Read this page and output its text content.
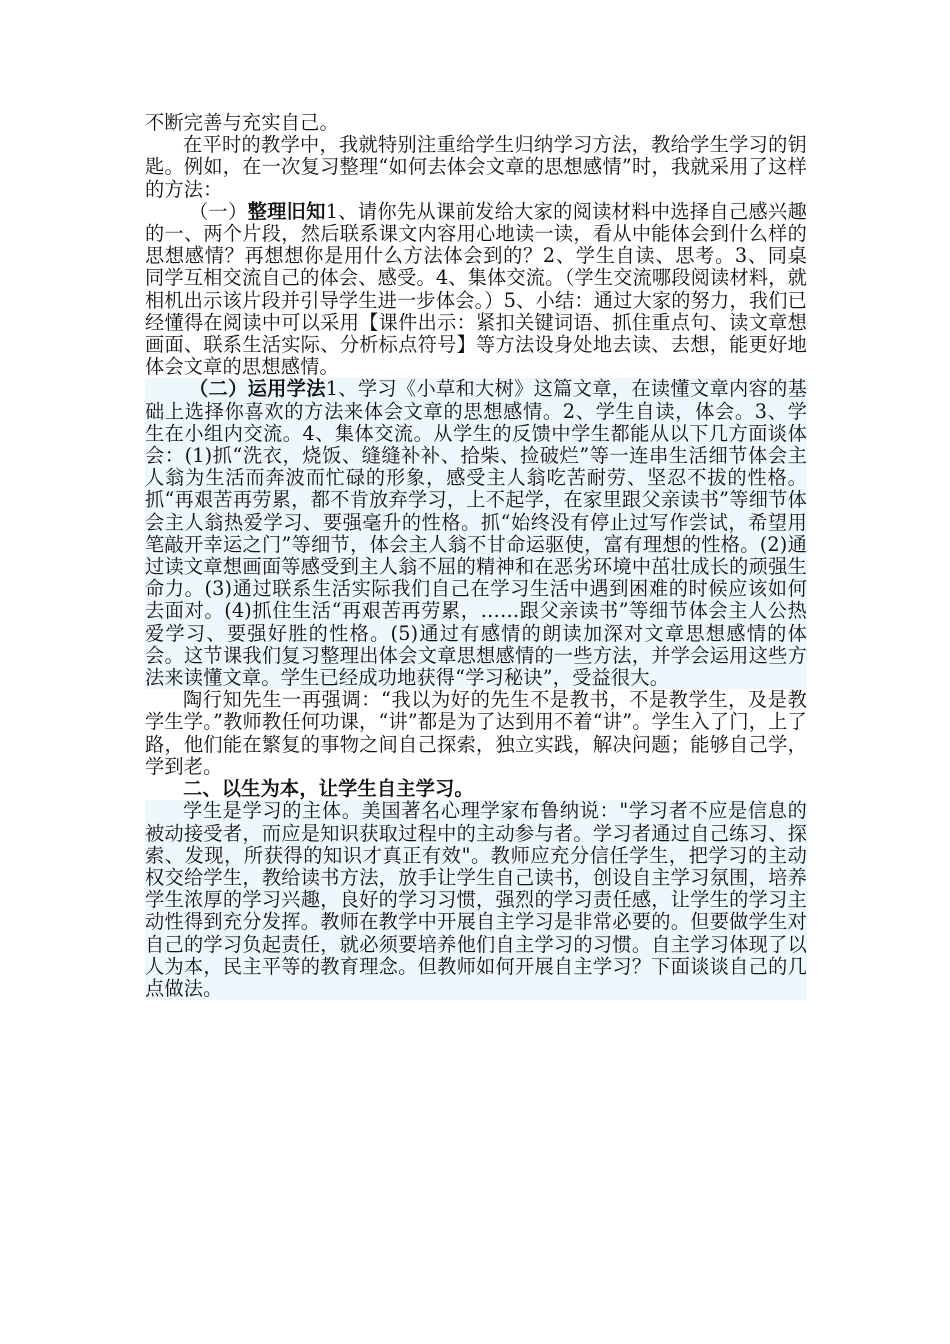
不断完善与充实自己。

在平时的教学中，我就特别注重给学生归纳学习方法，教给学生学习的钥匙。例如，在一次复习整理“如何去体会文章的思想感情”时，我就采用了这样的方法：

（一）整理旧知1、请你先从课前发给大家的阅读材料中选择自己感兴趣的一、两个片段，然后联系课文内容用心地读一读，看从中能体会到什么样的思想感情？再想想你是用什么方法体会到的？2、学生自读、思考。3、同桌同学互相交流自己的体会、感受。4、集体交流。（学生交流哪段阅读材料，就相机出示该片段并引导学生进一步体会。）5、小结：通过大家的努力，我们已经懂得在阅读中可以采用【课件出示：紧扣关键词语、抓住重点句、读文章想画面、联系生活实际、分析标点符号】等方法设身处地去读、去想，能更好地体会文章的思想感情。

（二）运用学法1、学习《小草和大树》这篇文章，在读懂文章内容的基础上选择你喜欢的方法来体会文章的思想感情。2、学生自读，体会。3、学生在小组内交流。4、集体交流。从学生的反馈中学生都能从以下几方面谈体会：(1)抓“洗衣，烧饭、缝缝补补、拾柴、捡破烂”等一连串生活细节体会主人翁为生活而奔波而忙碌的形象，感受主人翁吃苦耐劳、坚忍不拔的性格。抓“再艰苦再劳累，都不肯放弃学习，上不起学，在家里跟父亲读书”等细节体会主人翁热爱学习、要强毫升的性格。抓“始终没有停止过写作尝试，希望用笔敲开幸运之门”等细节，体会主人翁不甘命运驱使，富有理想的性格。(2)通过读文章想画面等感受到主人翁不屈的精神和在恶劣环境中茁壮成长的顽强生命力。(3)通过联系生活实际我们自己在学习生活中遇到困难的时候应该如何去面对。(4)抓住生活“再艰苦再劳累，……跟父亲读书”等细节体会主人公热爱学习、要强好胜的性格。(5)通过有感情的朗读加深对文章思想感情的体会。这节课我们复习整理出体会文章思想感情的一些方法，并学会运用这些方法来读懂文章。学生已经成功地获得“学习秘诀”，受益很大。

陶行知先生一再强调：“我以为好的先生不是教书，不是教学生，及是教学生学。”教师教任何功课，“讲”都是为了达到用不着“讲”。学生入了门，上了路，他们能在繁复的事物之间自己探索，独立实践，解决问题；能够自己学，学到老。

二、以生为本，让学生自主学习。

学生是学习的主体。美国著名心理学家布鲁纳说："学习者不应是信息的被动接受者，而应是知识获取过程中的主动参与者。学习者通过自己练习、探索、发现，所获得的知识才真正有效"。教师应充分信任学生，把学习的主动权交给学生，教给读书方法，放手让学生自己读书，创设自主学习氛围，培养学生浓厚的学习兴趣，良好的学习习惯，强烈的学习责任感，让学生的学习主动性得到充分发挥。教师在教学中开展自主学习是非常必要的。但要做学生对自己的学习负起责任，就必须要培养他们自主学习的习惯。自主学习体现了以人为本，民主平等的教育理念。但教师如何开展自主学习？下面谈谈自己的几点做法。
